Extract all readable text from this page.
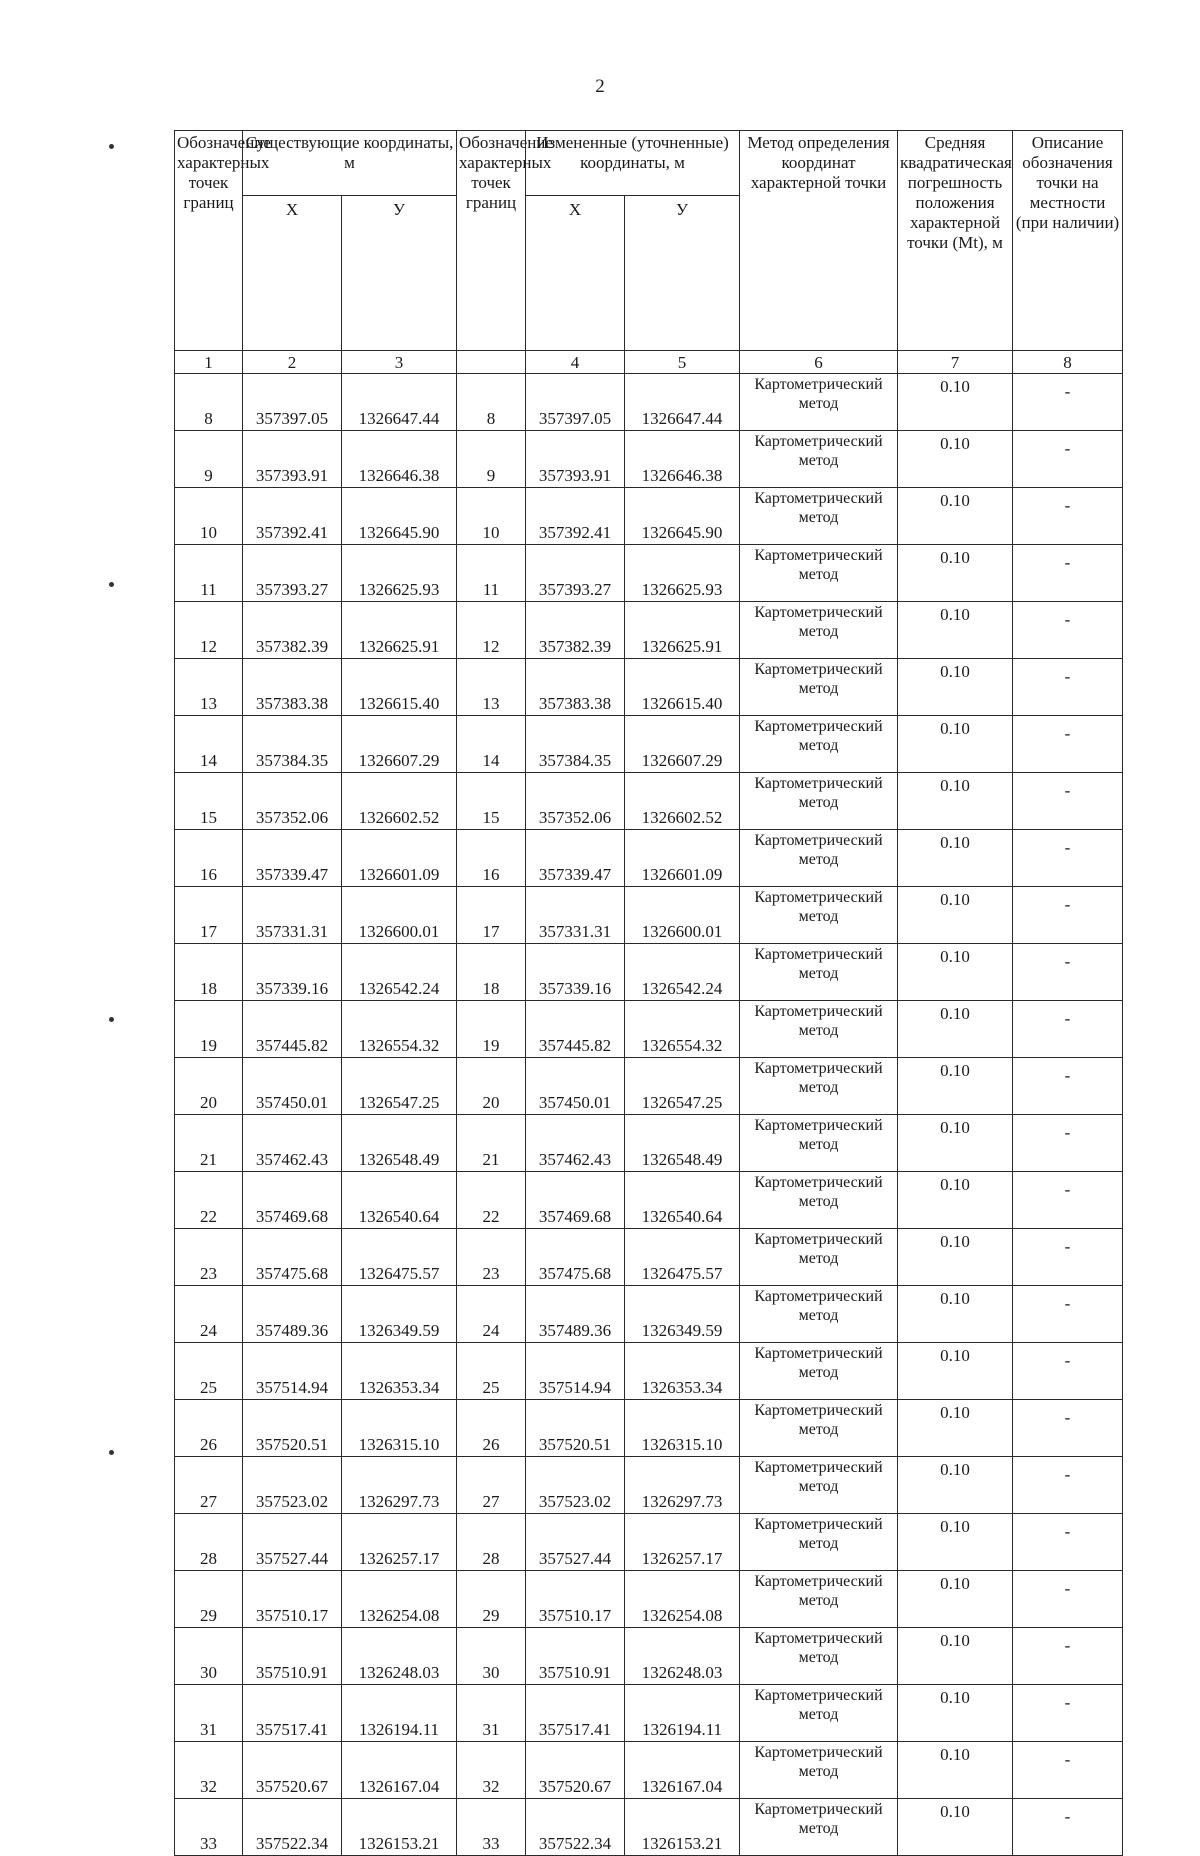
2
Обозначение характерных точек границ	Существующие координаты, м		Обозначение характерных точек границ	Измененные (уточненные) координаты, м		Метод определения координат характерной точки	Средняя квадратическая погрешность положения характерной точки (Мt), м	Описание обозначения точки на местности (при наличии)
	X	У		X	У			
1	2	3		4	5	6	7	8
8	357397.05	1326647.44	8	357397.05	1326647.44	Картометрический метод	0.10	-
9	357393.91	1326646.38	9	357393.91	1326646.38	Картометрический метод	0.10	-
10	357392.41	1326645.90	10	357392.41	1326645.90	Картометрический метод	0.10	-
11	357393.27	1326625.93	11	357393.27	1326625.93	Картометрический метод	0.10	-
12	357382.39	1326625.91	12	357382.39	1326625.91	Картометрический метод	0.10	-
13	357383.38	1326615.40	13	357383.38	1326615.40	Картометрический метод	0.10	-
14	357384.35	1326607.29	14	357384.35	1326607.29	Картометрический метод	0.10	-
15	357352.06	1326602.52	15	357352.06	1326602.52	Картометрический метод	0.10	-
16	357339.47	1326601.09	16	357339.47	1326601.09	Картометрический метод	0.10	-
17	357331.31	1326600.01	17	357331.31	1326600.01	Картометрический метод	0.10	-
18	357339.16	1326542.24	18	357339.16	1326542.24	Картометрический метод	0.10	-
19	357445.82	1326554.32	19	357445.82	1326554.32	Картометрический метод	0.10	-
20	357450.01	1326547.25	20	357450.01	1326547.25	Картометрический метод	0.10	-
21	357462.43	1326548.49	21	357462.43	1326548.49	Картометрический метод	0.10	-
22	357469.68	1326540.64	22	357469.68	1326540.64	Картометрический метод	0.10	-
23	357475.68	1326475.57	23	357475.68	1326475.57	Картометрический метод	0.10	-
24	357489.36	1326349.59	24	357489.36	1326349.59	Картометрический метод	0.10	-
25	357514.94	1326353.34	25	357514.94	1326353.34	Картометрический метод	0.10	-
26	357520.51	1326315.10	26	357520.51	1326315.10	Картометрический метод	0.10	-
27	357523.02	1326297.73	27	357523.02	1326297.73	Картометрический метод	0.10	-
28	357527.44	1326257.17	28	357527.44	1326257.17	Картометрический метод	0.10	-
29	357510.17	1326254.08	29	357510.17	1326254.08	Картометрический метод	0.10	-
30	357510.91	1326248.03	30	357510.91	1326248.03	Картометрический метод	0.10	-
31	357517.41	1326194.11	31	357517.41	1326194.11	Картометрический метод	0.10	-
32	357520.67	1326167.04	32	357520.67	1326167.04	Картометрический метод	0.10	-
33	357522.34	1326153.21	33	357522.34	1326153.21	Картометрический метод	0.10	-
